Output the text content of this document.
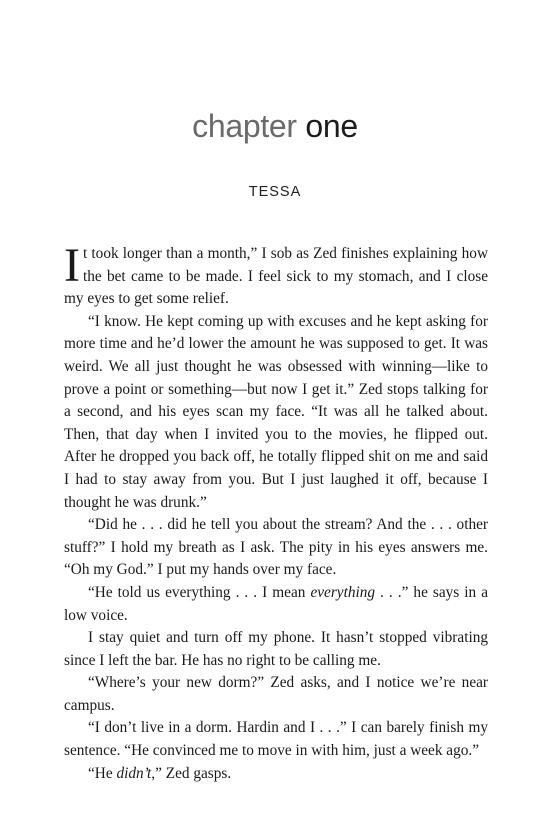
chapter one
TESSA

It took longer than a month,” I sob as Zed finishes explaining how the bet came to be made. I feel sick to my stomach, and I close my eyes to get some relief.

“I know. He kept coming up with excuses and he kept asking for more time and he’d lower the amount he was supposed to get. It was weird. We all just thought he was obsessed with winning—like to prove a point or something—but now I get it.” Zed stops talking for a second, and his eyes scan my face. “It was all he talked about. Then, that day when I invited you to the movies, he flipped out. After he dropped you back off, he totally flipped shit on me and said I had to stay away from you. But I just laughed it off, because I thought he was drunk.”

“Did he . . . did he tell you about the stream? And the . . . other stuff?” I hold my breath as I ask. The pity in his eyes answers me. “Oh my God.” I put my hands over my face.

“He told us everything . . . I mean everything . . .” he says in a low voice.

I stay quiet and turn off my phone. It hasn’t stopped vibrating since I left the bar. He has no right to be calling me.

“Where’s your new dorm?” Zed asks, and I notice we’re near campus.

“I don’t live in a dorm. Hardin and I . . .” I can barely finish my sentence. “He convinced me to move in with him, just a week ago.”

“He didn’t,” Zed gasps.
